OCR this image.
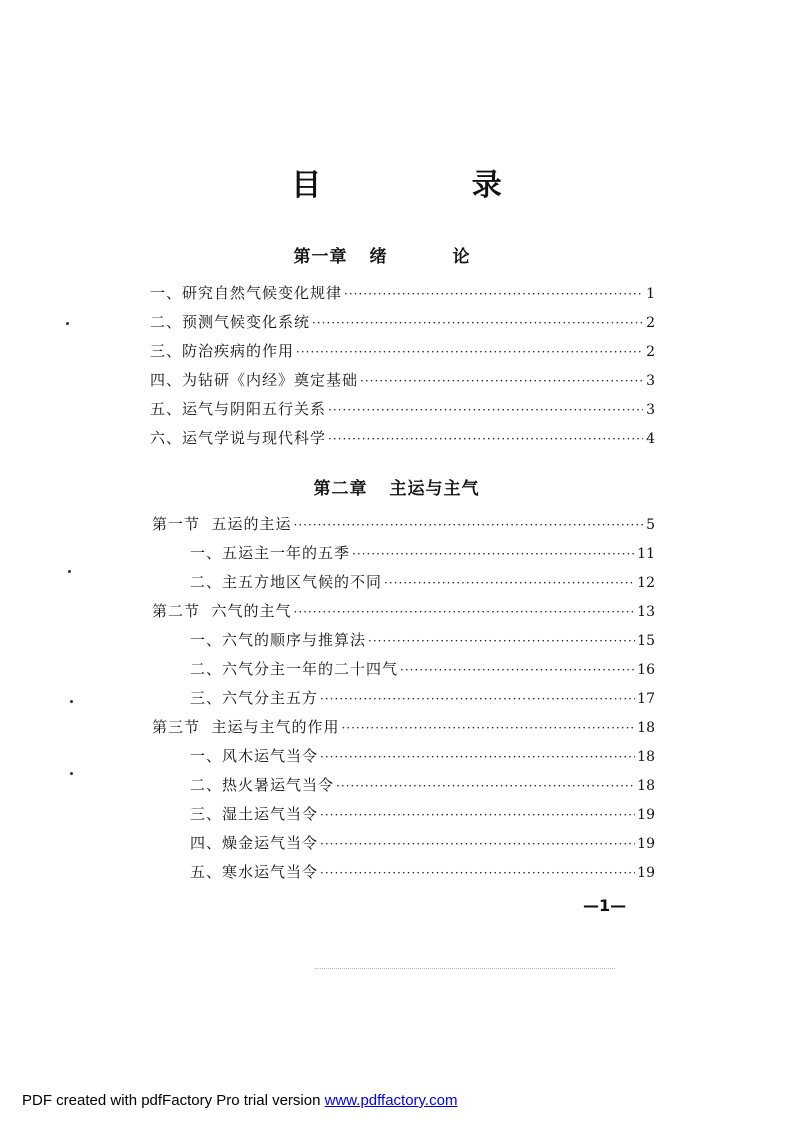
目 录
第一章 绪 论
一、研究自然气候变化规律 ·····	1
二、预测气候变化系统 ·····	2
三、防治疾病的作用 ·····	2
四、为钻研《内经》奠定基础 ·····	3
五、运气与阴阳五行关系 ·····	3
六、运气学说与现代科学 ·····	4
第二章 主运与主气
第一节  五运的主运 ·····	5
一、五运主一年的五季 ·····	11
二、主五方地区气候的不同 ·····	12
第二节  六气的主气 ·····	13
一、六气的顺序与推算法 ·····	15
二、六气分主一年的二十四气 ·····	16
三、六气分主五方 ·····	17
第三节  主运与主气的作用 ·····	18
一、风木运气当令 ·····	18
二、热火暑运气当令 ·····	18
三、湿土运气当令 ·····	19
四、燥金运气当令 ·····	19
五、寒水运气当令 ·····	19
—1—
PDF created with pdfFactory Pro trial version www.pdffactory.com
